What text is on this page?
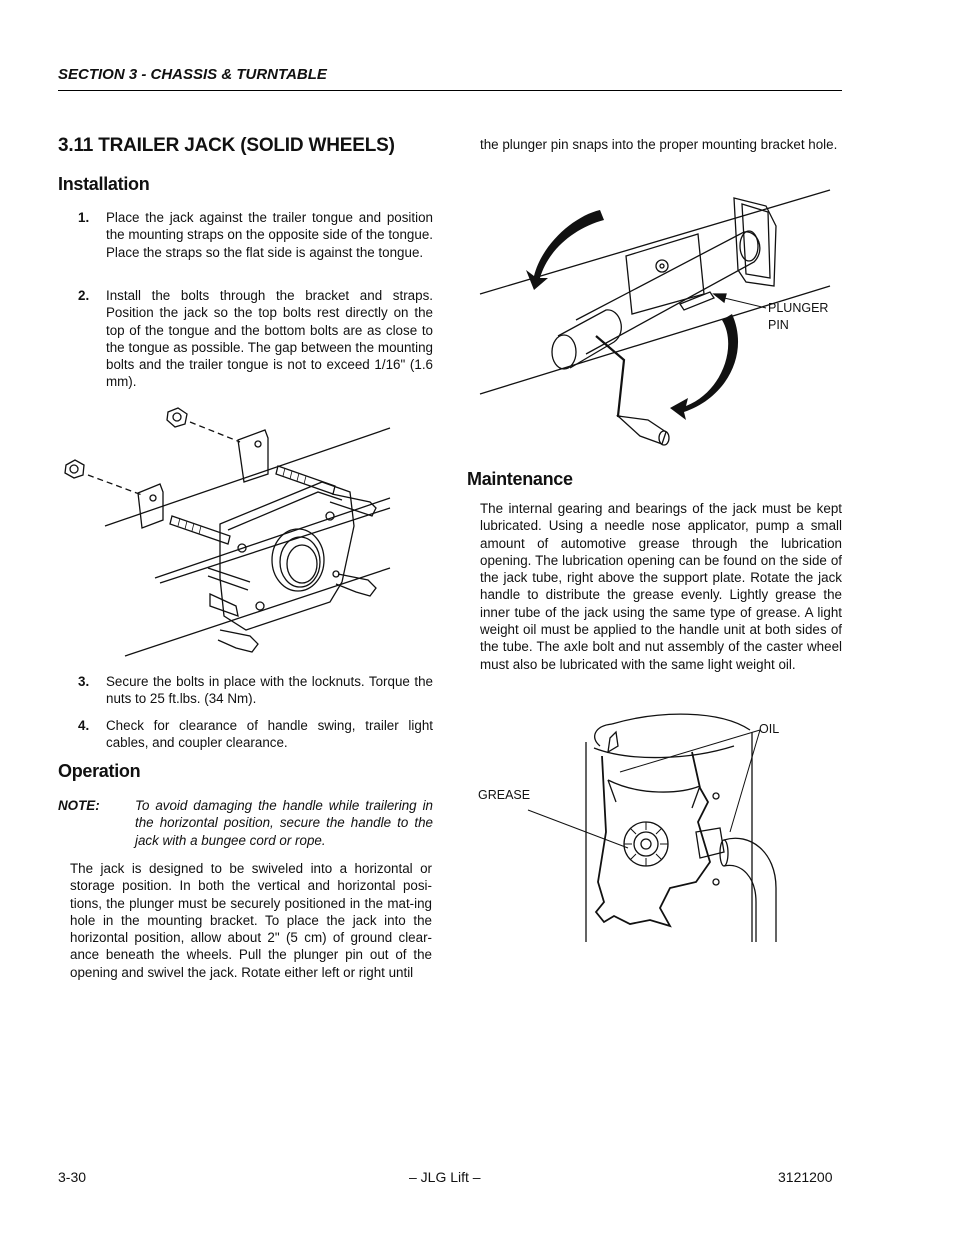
SECTION 3 - CHASSIS & TURNTABLE
3.11 TRAILER JACK (SOLID WHEELS)
Installation
1. Place the jack against the trailer tongue and position the mounting straps on the opposite side of the tongue. Place the straps so the flat side is against the tongue.
2. Install the bolts through the bracket and straps. Position the jack so the top bolts rest directly on the top of the tongue and the bottom bolts are as close to the tongue as possible. The gap between the mounting bolts and the trailer tongue is not to exceed 1/16" (1.6 mm).
3. Secure the bolts in place with the locknuts. Torque the nuts to 25 ft.lbs. (34 Nm).
4. Check for clearance of handle swing, trailer light cables, and coupler clearance.
Operation
NOTE:	To avoid damaging the handle while trailering in the horizontal position, secure the handle to the jack with a bungee cord or rope.
The jack is designed to be swiveled into a horizontal or storage position. In both the vertical and horizontal posi-tions, the plunger must be securely positioned in the mat-ing hole in the mounting bracket. To place the jack into the horizontal position, allow about 2" (5 cm) of ground clear-ance beneath the wheels. Pull the plunger pin out of the opening and swivel the jack. Rotate either left or right until
the plunger pin snaps into the proper mounting bracket hole.
PLUNGER
PIN
Maintenance
The internal gearing and bearings of the jack must be kept lubricated. Using a needle nose applicator, pump a small amount of automotive grease through the lubrication opening. The lubrication opening can be found on the side of the jack tube, right above the support plate. Rotate the jack handle to distribute the grease evenly. Lightly grease the inner tube of the jack using the same type of grease. A light weight oil must be applied to the handle unit at both sides of the tube. The axle bolt and nut assembly of the caster wheel must also be lubricated with the same light weight oil.
OIL
GREASE
3-30	– JLG Lift –	3121200
